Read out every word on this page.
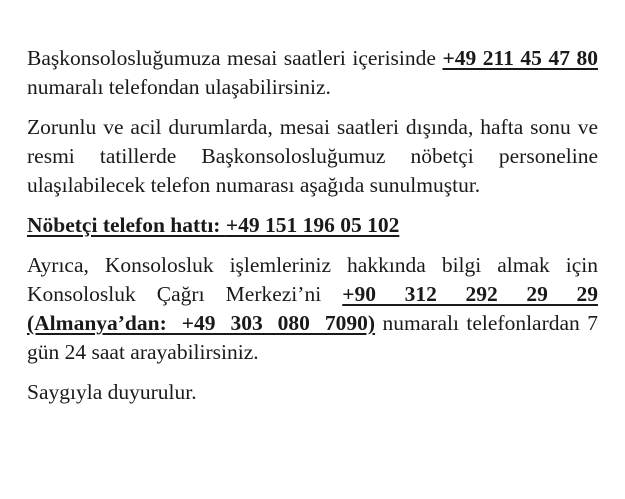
Başkonsolosluğumuza mesai saatleri içerisinde +49 211 45 47 80 numaralı telefondan ulaşabilirsiniz.

Zorunlu ve acil durumlarda, mesai saatleri dışında, hafta sonu ve resmi tatillerde Başkonsolosluğumuz nöbetçi personeline ulaşılabilecek telefon numarası aşağıda sunulmuştur.

Nöbetçi telefon hattı: +49 151 196 05 102

Ayrıca, Konsolosluk işlemleriniz hakkında bilgi almak için Konsolosluk Çağrı Merkezi’ni +90 312 292 29 29 (Almanya’dan: +49 303 080 7090) numaralı telefonlardan 7 gün 24 saat arayabilirsiniz.

Saygıyla duyurulur.
